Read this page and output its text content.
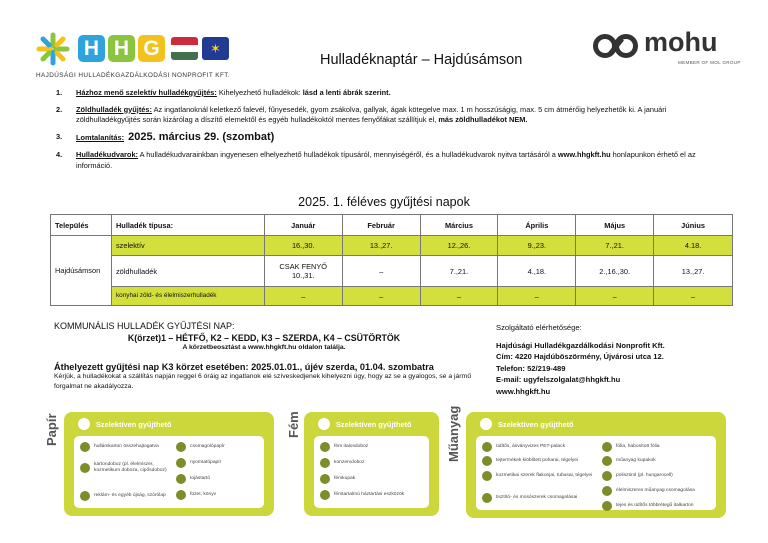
H H G	✶
HAJDÚSÁGI HULLADÉKGAZDÁLKODÁSI NONPROFIT KFT.
Hulladéknaptár – Hajdúsámson
mohu
MEMBER OF MOL GROUP
1. Házhoz menő szelektív hulladékgyűjtés: Kihelyezhető hulladékok: lásd a lenti ábrák szerint.
2. Zöldhulladék gyűjtés: Az ingatlanoknál keletkező falevél, fűnyesedék, gyom zsákolva, gallyak, ágak kötegelve max. 1 m hosszúságig, max. 5 cm átmérőig helyezhetők ki. A januári zöldhulladékgyűjtés során kizárólag a díszítő elemektől és egyéb hulladékoktól mentes fenyőfákat szállítjuk el, más zöldhulladékot NEM.
3. Lomtalanítás: 2025. március 29. (szombat)
4. Hulladékudvarok: A hulladékudvarainkban ingyenesen elhelyezhető hulladékok típusáról, mennyiségéről, és a hulladékudvarok nyitva tartásáról a www.hhgkft.hu honlapunkon érhető el az információ.
2025. 1. féléves gyűjtési napok
Település	Hulladék típusa:	Január	Február	Március	Április	Május	Június
Hajdúsámson	szelektív	16.,30.	13.,27.	12.,26.	9.,23.	7.,21.	4.18.
	zöldhulladék	CSAK FENYŐ 10.,31.	–	7.,21.	4.,18.	2.,16.,30.	13.,27.
	konyhai zöld- és élelmiszerhulladék	–	–	–	–	–	–
KOMMUNÁLIS HULLADÉK GYŰJTÉSI NAP:
K(örzet)1 – HÉTFŐ, K2 – KEDD, K3 – SZERDA, K4 – CSÜTÖRTÖK
A körzetbeosztást a www.hhgkft.hu oldalon találja.
Áthelyezett gyűjtési nap K3 körzet esetében: 2025.01.01., újév szerda, 01.04. szombatra
Kérjük, a hulladékokat a szállítás napján reggel 6 óráig az ingatlanok elé szíveskedjenek kihelyezni úgy, hogy az se a gyalogos, se a jármű forgalmat ne akadályozza.
Szolgáltató elérhetősége:
Hajdúsági Hulladékgazdálkodási Nonprofit Kft.
Cím: 4220 Hajdúböszörmény, Újvárosi utca 12.
Telefon: 52/219-489
E-mail: ugyfelszolgalat@hhgkft.hu
www.hhgkft.hu
Papír	Szelektíven gyűjthető
hullámkarton összehajtogatva
kartondoboz (pl. élelmiszer, kozmetikum doboza, cipősdoboz)
reklám- és egyéb újság, szórólap
csomagolópapír
nyomtatópapír
tojástartó
füzet, könyv
Fém	Szelektíven gyűjthető
fém italosdoboz
konzervdoboz
fémkupak
fémtartalmú háztartási eszközök
Műanyag	Szelektíven gyűjthető
üdítős, ásványvizes PET-palack
tejtermékek kiöblített poharai, tégelyei
kozmetikai szerek flakonjai, tubusai, tégelyei
tisztító- és mosószerek csomagolásai
fólia, habosított fólia
műanyag kupakok
polisztirol (pl. hungarocell)
élelmiszeres műanyag csomagolása
tejes és üdítős többrétegű italkarton
